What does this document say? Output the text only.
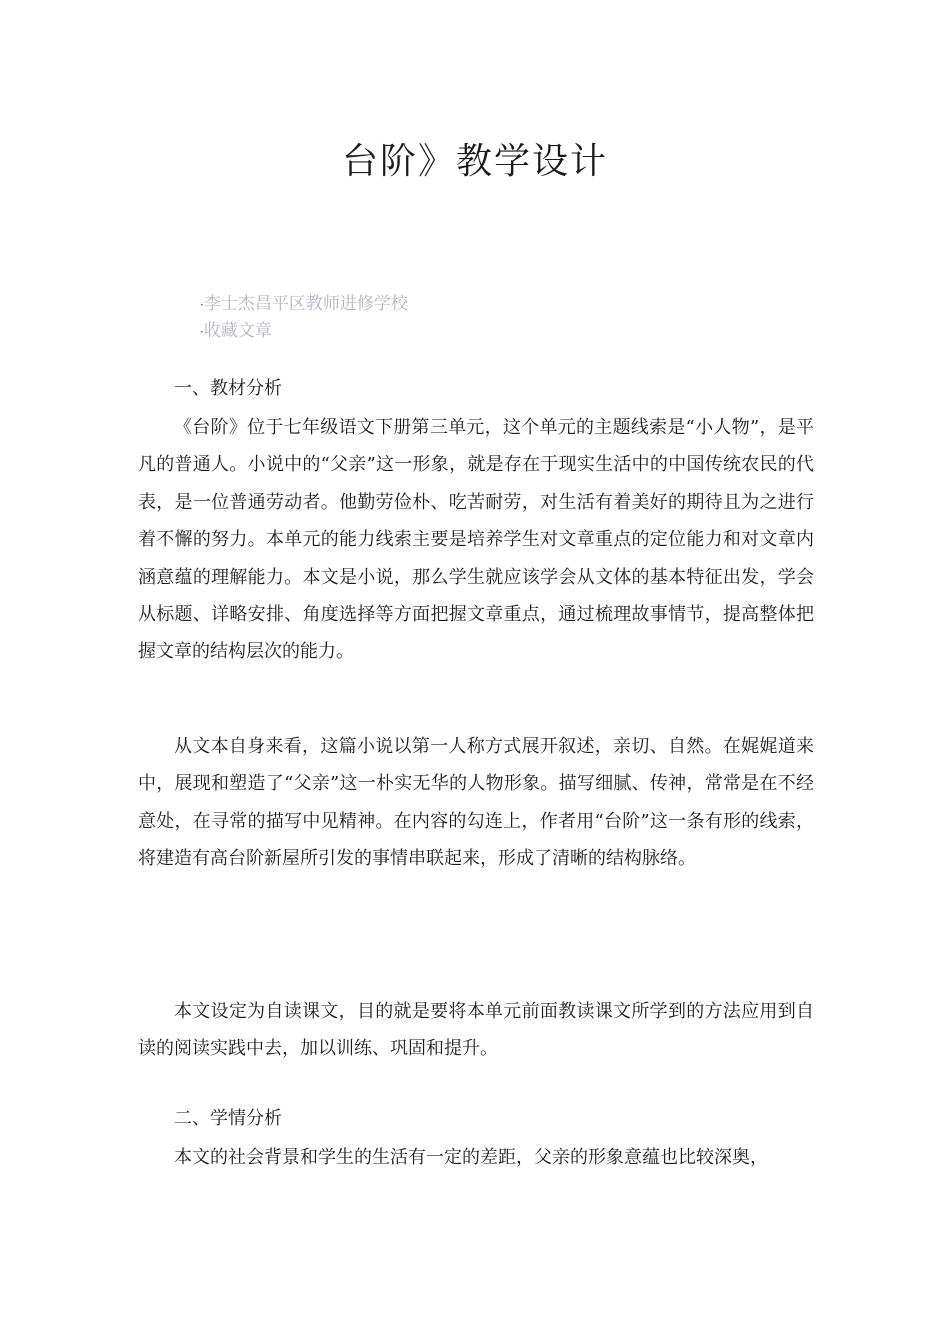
台阶》教学设计
·李士杰昌平区教师进修学校
·收藏文章
一、教材分析

《台阶》位于七年级语文下册第三单元，这个单元的主题线索是“小人物”，是平凡的普通人。小说中的“父亲”这一形象，就是存在于现实生活中的中国传统农民的代表，是一位普通劳动者。他勤劳俭朴、吃苦耐劳，对生活有着美好的期待且为之进行着不懈的努力。本单元的能力线索主要是培养学生对文章重点的定位能力和对文章内涵意蕴的理解能力。本文是小说，那么学生就应该学会从文体的基本特征出发，学会从标题、详略安排、角度选择等方面把握文章重点，通过梳理故事情节，提高整体把握文章的结构层次的能力。

从文本自身来看，这篇小说以第一人称方式展开叙述，亲切、自然。在娓娓道来中，展现和塑造了“父亲”这一朴实无华的人物形象。描写细腻、传神，常常是在不经意处，在寻常的描写中见精神。在内容的勾连上，作者用“台阶”这一条有形的线索，将建造有高台阶新屋所引发的事情串联起来，形成了清晰的结构脉络。

本文设定为自读课文，目的就是要将本单元前面教读课文所学到的方法应用到自读的阅读实践中去，加以训练、巩固和提升。

二、学情分析

本文的社会背景和学生的生活有一定的差距，父亲的形象意蕴也比较深奥，
